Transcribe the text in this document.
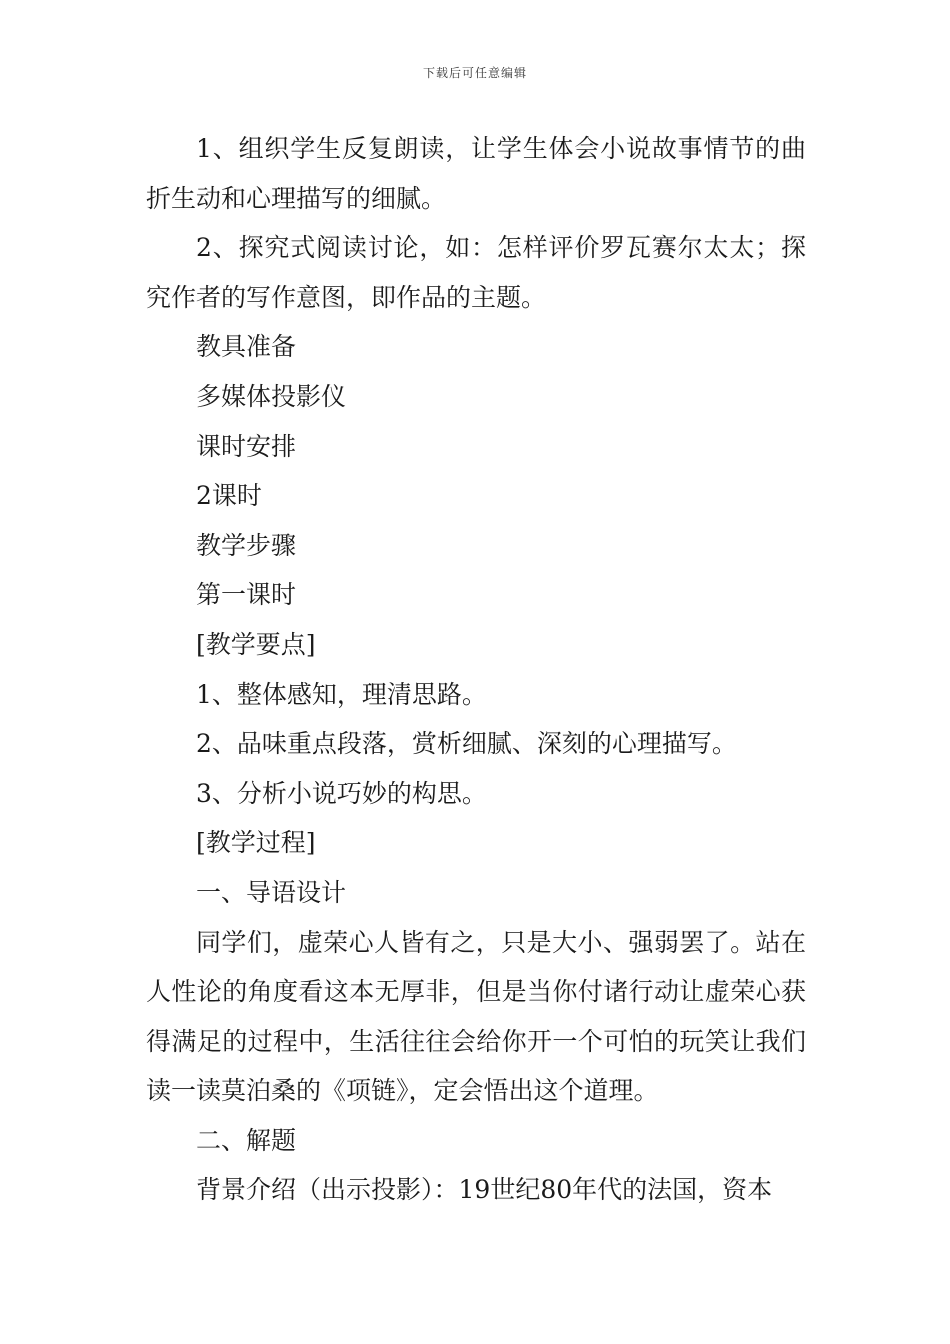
下载后可任意编辑

1、组织学生反复朗读，让学生体会小说故事情节的曲折生动和心理描写的细腻。

2、探究式阅读讨论，如：怎样评价罗瓦赛尔太太；探究作者的写作意图，即作品的主题。

教具准备

多媒体投影仪

课时安排

2课时

教学步骤

第一课时

[教学要点]

1、整体感知，理清思路。

2、品味重点段落，赏析细腻、深刻的心理描写。

3、分析小说巧妙的构思。

[教学过程]

一、导语设计

同学们，虚荣心人皆有之，只是大小、强弱罢了。站在人性论的角度看这本无厚非，但是当你付诸行动让虚荣心获得满足的过程中，生活往往会给你开一个可怕的玩笑让我们读一读莫泊桑的《项链》，定会悟出这个道理。

二、解题

背景介绍（出示投影）：19世纪80年代的法国，资本
